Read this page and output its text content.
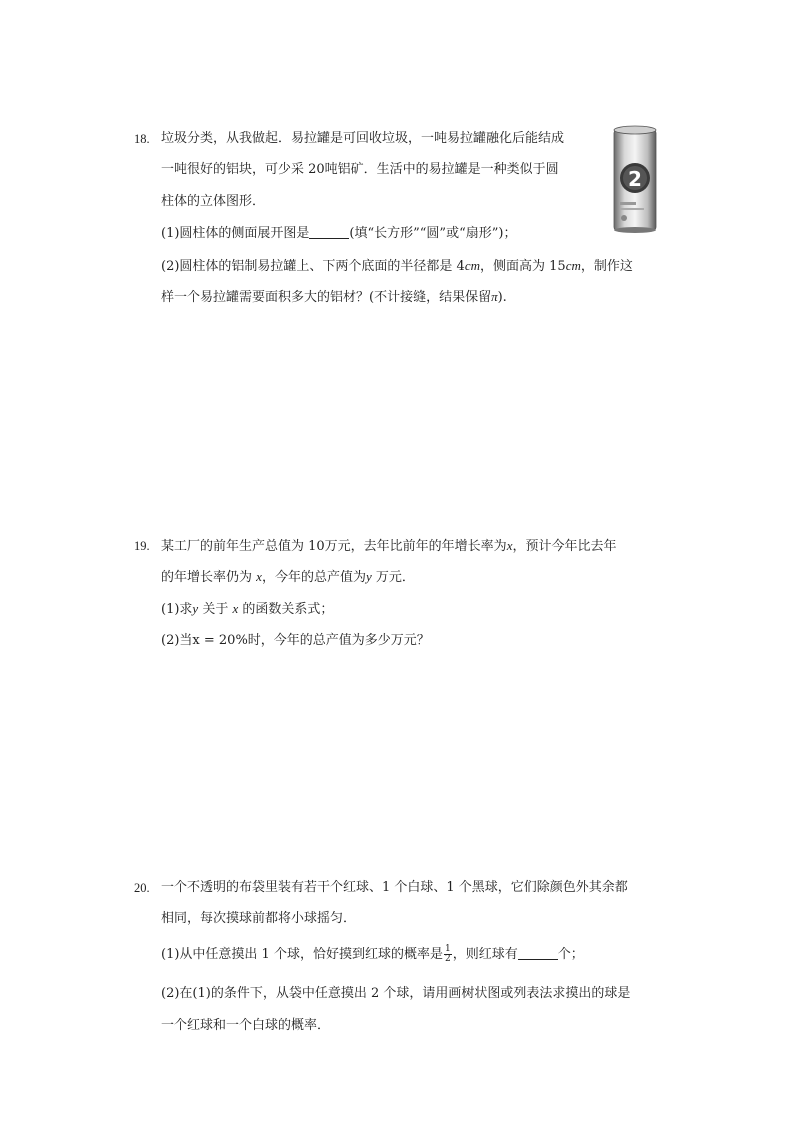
18. 垃圾分类，从我做起．易拉罐是可回收垃圾，一吨易拉罐融化后能结成
一吨很好的铝块，可少采 20吨铝矿．生活中的易拉罐是一种类似于圆
柱体的立体图形．
(1)圆柱体的侧面展开图是	(填“长方形”“圆”或“扇形”)；
(2)圆柱体的铝制易拉罐上、下两个底面的半径都是 4cm，侧面高为 15cm，制作这
样一个易拉罐需要面积多大的铝材？(不计接缝，结果保留π).
2
19. 某工厂的前年生产总值为 10万元，去年比前年的年增长率为x，预计今年比去年
的年增长率仍为 x，今年的总产值为y 万元．
(1)求y 关于 x 的函数关系式；
(2)当x = 20%时，今年的总产值为多少万元？
20. 一个不透明的布袋里装有若干个红球、1 个白球、1 个黑球，它们除颜色外其余都
相同，每次摸球前都将小球摇匀．
(1)从中任意摸出 1 个球，恰好摸到红球的概率是 $\frac{1}{2}$ ，则红球有	个；
(2)在(1)的条件下，从袋中任意摸出 2 个球，请用画树状图或列表法求摸出的球是
一个红球和一个白球的概率．
